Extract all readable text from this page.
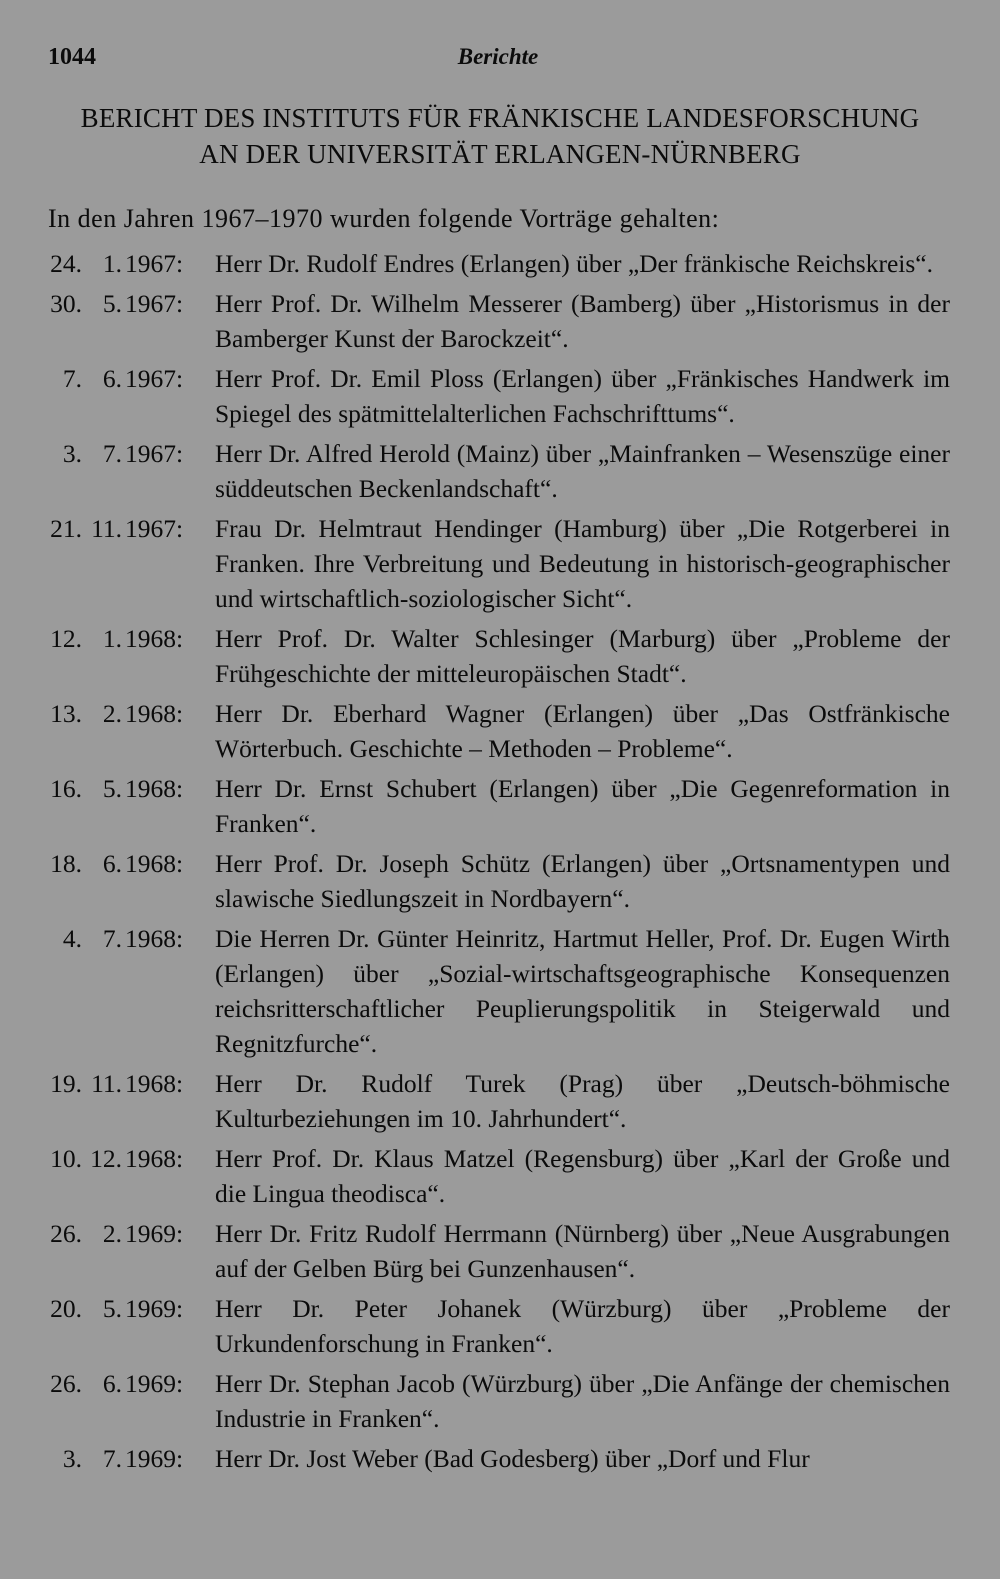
1044	Berichte
BERICHT DES INSTITUTS FÜR FRÄNKISCHE LANDESFORSCHUNG
AN DER UNIVERSITÄT ERLANGEN-NÜRNBERG
In den Jahren 1967–1970 wurden folgende Vorträge gehalten:
24. 1. 1967:	Herr Dr. Rudolf Endres (Erlangen) über „Der fränkische Reichskreis“.
30. 5. 1967:	Herr Prof. Dr. Wilhelm Messerer (Bamberg) über „Historismus in der Bamberger Kunst der Barockzeit“.
7. 6. 1967:	Herr Prof. Dr. Emil Ploss (Erlangen) über „Fränkisches Handwerk im Spiegel des spätmittelalterlichen Fachschrifttums“.
3. 7. 1967:	Herr Dr. Alfred Herold (Mainz) über „Mainfranken – Wesenszüge einer süddeutschen Beckenlandschaft“.
21. 11. 1967:	Frau Dr. Helmtraut Hendinger (Hamburg) über „Die Rotgerberei in Franken. Ihre Verbreitung und Bedeutung in historisch-geographischer und wirtschaftlich-soziologischer Sicht“.
12. 1. 1968:	Herr Prof. Dr. Walter Schlesinger (Marburg) über „Probleme der Frühgeschichte der mitteleuropäischen Stadt“.
13. 2. 1968:	Herr Dr. Eberhard Wagner (Erlangen) über „Das Ostfränkische Wörterbuch. Geschichte – Methoden – Probleme“.
16. 5. 1968:	Herr Dr. Ernst Schubert (Erlangen) über „Die Gegenreformation in Franken“.
18. 6. 1968:	Herr Prof. Dr. Joseph Schütz (Erlangen) über „Ortsnamentypen und slawische Siedlungszeit in Nordbayern“.
4. 7. 1968:	Die Herren Dr. Günter Heinritz, Hartmut Heller, Prof. Dr. Eugen Wirth (Erlangen) über „Sozial-wirtschaftsgeographische Konsequenzen reichsritterschaftlicher Peuplierungspolitik in Steigerwald und Regnitzfurche“.
19. 11. 1968:	Herr Dr. Rudolf Turek (Prag) über „Deutsch-böhmische Kulturbeziehungen im 10. Jahrhundert“.
10. 12. 1968:	Herr Prof. Dr. Klaus Matzel (Regensburg) über „Karl der Große und die Lingua theodisca“.
26. 2. 1969:	Herr Dr. Fritz Rudolf Herrmann (Nürnberg) über „Neue Ausgrabungen auf der Gelben Bürg bei Gunzenhausen“.
20. 5. 1969:	Herr Dr. Peter Johanek (Würzburg) über „Probleme der Urkundenforschung in Franken“.
26. 6. 1969:	Herr Dr. Stephan Jacob (Würzburg) über „Die Anfänge der chemischen Industrie in Franken“.
3. 7. 1969:	Herr Dr. Jost Weber (Bad Godesberg) über „Dorf und Flur
